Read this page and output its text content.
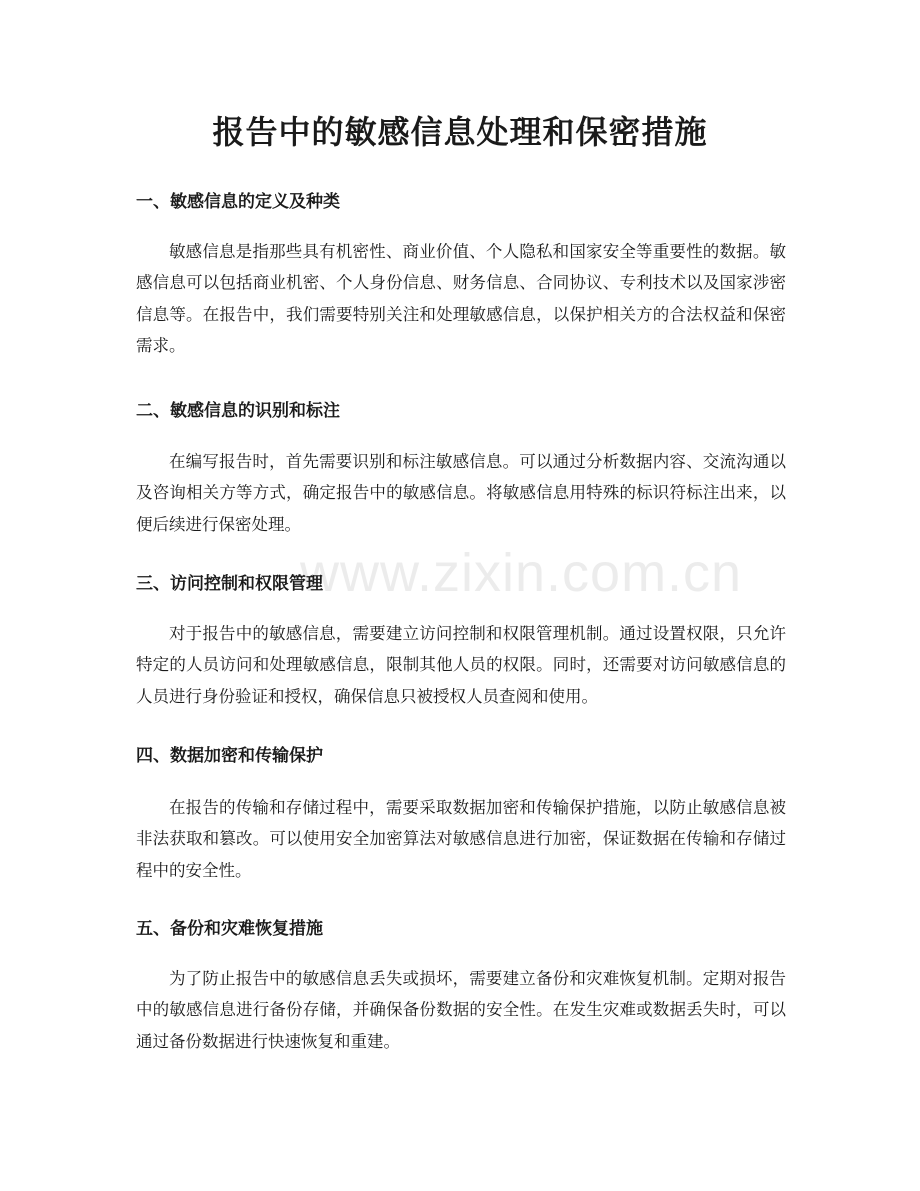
www.zixin.com.cn
报告中的敏感信息处理和保密措施
一、敏感信息的定义及种类

敏感信息是指那些具有机密性、商业价值、个人隐私和国家安全等重要性的数据。敏感信息可以包括商业机密、个人身份信息、财务信息、合同协议、专利技术以及国家涉密信息等。在报告中，我们需要特别关注和处理敏感信息，以保护相关方的合法权益和保密需求。

二、敏感信息的识别和标注

在编写报告时，首先需要识别和标注敏感信息。可以通过分析数据内容、交流沟通以及咨询相关方等方式，确定报告中的敏感信息。将敏感信息用特殊的标识符标注出来，以便后续进行保密处理。

三、访问控制和权限管理

对于报告中的敏感信息，需要建立访问控制和权限管理机制。通过设置权限，只允许特定的人员访问和处理敏感信息，限制其他人员的权限。同时，还需要对访问敏感信息的人员进行身份验证和授权，确保信息只被授权人员查阅和使用。

四、数据加密和传输保护

在报告的传输和存储过程中，需要采取数据加密和传输保护措施，以防止敏感信息被非法获取和篡改。可以使用安全加密算法对敏感信息进行加密，保证数据在传输和存储过程中的安全性。

五、备份和灾难恢复措施

为了防止报告中的敏感信息丢失或损坏，需要建立备份和灾难恢复机制。定期对报告中的敏感信息进行备份存储，并确保备份数据的安全性。在发生灾难或数据丢失时，可以通过备份数据进行快速恢复和重建。
